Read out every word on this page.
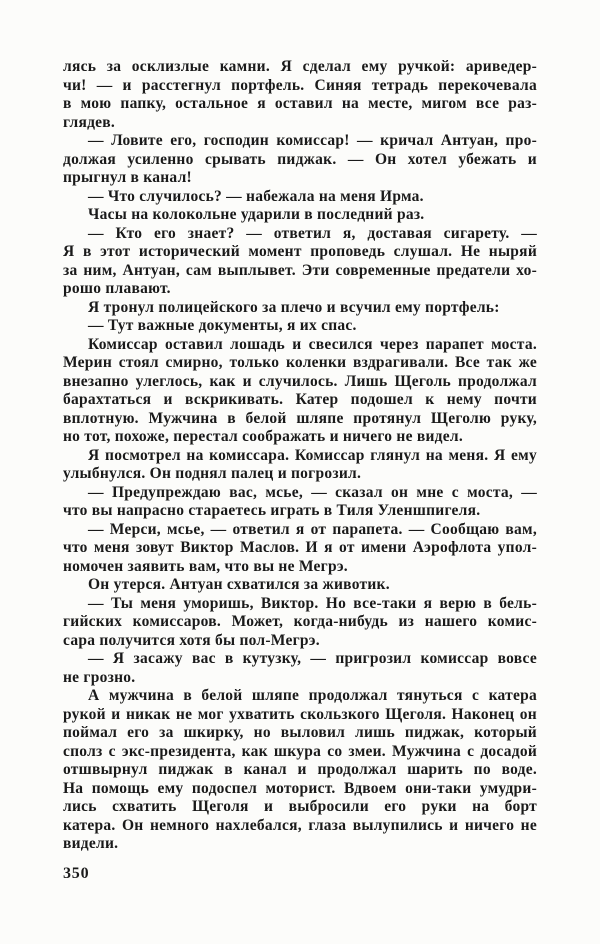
лясь за осклизлые камни. Я сделал ему ручкой: ариведер-
чи! — и расстегнул портфель. Синяя тетрадь перекочевала
в мою папку, остальное я оставил на месте, мигом все раз-
глядев.
— Ловите его, господин комиссар! — кричал Антуан, про-
должая усиленно срывать пиджак. — Он хотел убежать и
прыгнул в канал!
— Что случилось? — набежала на меня Ирма.
Часы на колокольне ударили в последний раз.
— Кто его знает? — ответил я, доставая сигарету. —
Я в этот исторический момент проповедь слушал. Не ныряй
за ним, Антуан, сам выплывет. Эти современные предатели хо-
рошо плавают.
Я тронул полицейского за плечо и всучил ему портфель:
— Тут важные документы, я их спас.
Комиссар оставил лошадь и свесился через парапет моста.
Мерин стоял смирно, только коленки вздрагивали. Все так же
внезапно улеглось, как и случилось. Лишь Щеголь продолжал
барахтаться и вскрикивать. Катер подошел к нему почти
вплотную. Мужчина в белой шляпе протянул Щеголю руку,
но тот, похоже, перестал соображать и ничего не видел.
Я посмотрел на комиссара. Комиссар глянул на меня. Я ему
улыбнулся. Он поднял палец и погрозил.
— Предупреждаю вас, мсье, — сказал он мне с моста, —
что вы напрасно стараетесь играть в Тиля Уленшпигеля.
— Мерси, мсье, — ответил я от парапета. — Сообщаю вам,
что меня зовут Виктор Маслов. И я от имени Аэрофлота упол-
номочен заявить вам, что вы не Мегрэ.
Он утерся. Антуан схватился за животик.
— Ты меня уморишь, Виктор. Но все-таки я верю в бель-
гийских комиссаров. Может, когда-нибудь из нашего комис-
сара получится хотя бы пол-Мегрэ.
— Я засажу вас в кутузку, — пригрозил комиссар вовсе
не грозно.
А мужчина в белой шляпе продолжал тянуться с катера
рукой и никак не мог ухватить скользкого Щеголя. Наконец он
поймал его за шкирку, но выловил лишь пиджак, который
сполз с экс-президента, как шкура со змеи. Мужчина с досадой
отшвырнул пиджак в канал и продолжал шарить по воде.
На помощь ему подоспел моторист. Вдвоем они-таки умудри-
лись схватить Щеголя и выбросили его руки на борт
катера. Он немного нахлебался, глаза вылупились и ничего не
видели.
350
